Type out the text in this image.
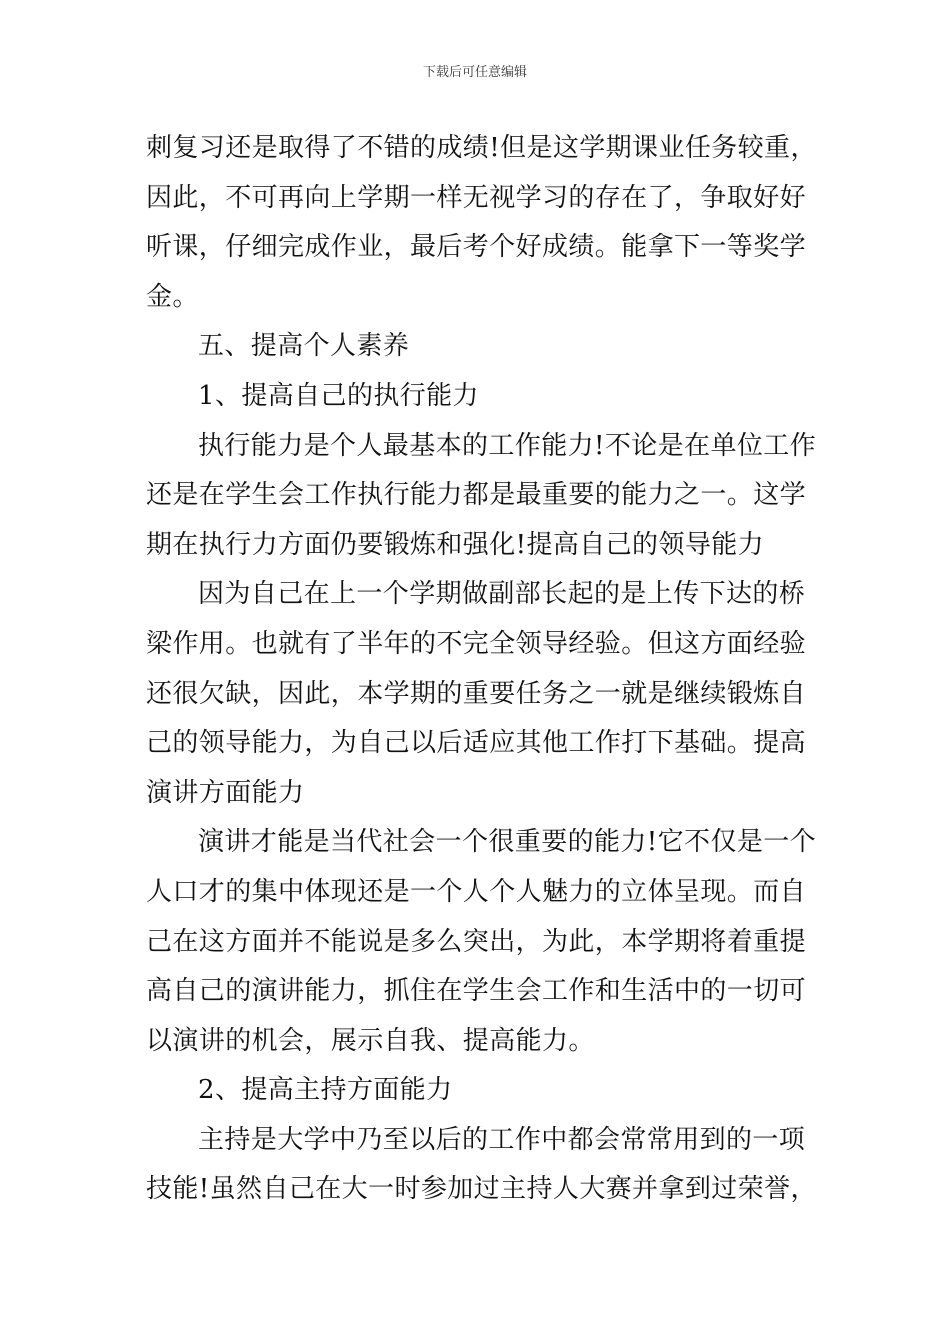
下载后可任意编辑
刺复习还是取得了不错的成绩!但是这学期课业任务较重，
因此，不可再向上学期一样无视学习的存在了，争取好好
听课，仔细完成作业，最后考个好成绩。能拿下一等奖学
金。
五、提高个人素养
1、提高自己的执行能力
执行能力是个人最基本的工作能力!不论是在单位工作
还是在学生会工作执行能力都是最重要的能力之一。这学
期在执行力方面仍要锻炼和强化!提高自己的领导能力
因为自己在上一个学期做副部长起的是上传下达的桥
梁作用。也就有了半年的不完全领导经验。但这方面经验
还很欠缺，因此，本学期的重要任务之一就是继续锻炼自
己的领导能力，为自己以后适应其他工作打下基础。提高
演讲方面能力
演讲才能是当代社会一个很重要的能力!它不仅是一个
人口才的集中体现还是一个人个人魅力的立体呈现。而自
己在这方面并不能说是多么突出，为此，本学期将着重提
高自己的演讲能力，抓住在学生会工作和生活中的一切可
以演讲的机会，展示自我、提高能力。
2、提高主持方面能力
主持是大学中乃至以后的工作中都会常常用到的一项
技能!虽然自己在大一时参加过主持人大赛并拿到过荣誉，
